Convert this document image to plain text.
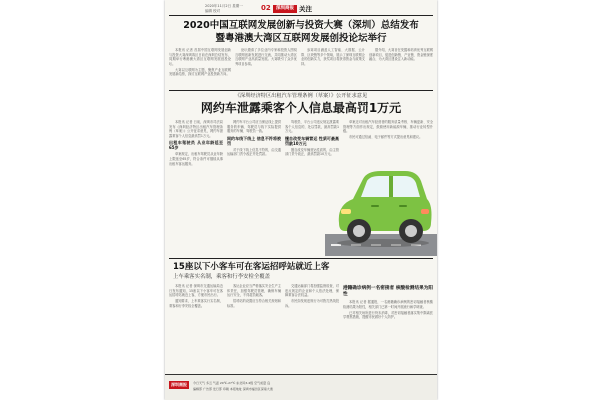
2020年11月2日 星期一
编辑 校对	02	深圳商报 关注
2020中国互联网发展创新与投资大赛（深圳）总结发布
暨粤港澳大湾区互联网发展创投论坛举行

本报讯 记者 首届中国互联网发展创新与投资大赛深圳赛区日前在深圳总结发布，同期举行粤港澳大湾区互联网发展创投论坛。

大赛以互联网为主题，聚焦产业互联网发展新趋势，探讨互联网产业投资新方向。

论坛邀请了多位业内专家和投资人围绕互联网创新发展进行交流，共同推动大湾区互联网产业高质量发展。大赛吸引了众多优秀项目参赛。

参赛项目涵盖人工智能、大数据、云计算、区块链等多个领域，展示了深圳互联网企业的创新实力，获奖项目将获得资金与政策支持。

据介绍，大赛旨在发掘和培育优秀互联网创新项目，促进创新链、产业链、资金链深度融合，为大湾区建设注入新动能。

《深圳经济特区出租汽车管理条例（草案）》公开征求意见
网约车泄露乘客个人信息最高罚1万元

本报讯 记者 日前，深圳市司法局发布《深圳经济特区出租汽车管理条例（草案）》公开征求意见，网约车泄露乘客个人信息最高罚1万元。

出租车驾驶员 从业年龄延至65岁

草案规定，出租车驾驶员从业年龄上限延至65岁，符合条件可继续从事出租车客运服务。

网约车平台公司应当保证线上提供服务的车辆、驾驶员与线下实际提供服务的车辆、驾驶员一致。

网约车线下线上 信息不符将被罚

对于线下线上信息不符的，由交通运输部门责令改正并处罚款。

驾驶员、平台公司违反规定泄露乘客个人信息的，处以罚款，最高罚款1万元。

擅自改变车辆营运 性质可最高罚款10万元

擅自改变车辆营运性质的，由主管部门责令改正，最高罚款10万元。

草案还对出租汽车经营者的服务质量考核、车辆更新、安全管理等方面作出规定，鼓励使用新能源车辆，推动行业转型升级。

市民可通过信函、电子邮件等方式提出意见和建议。

15座以下小客车可在客运招呼站就近上客
上车乘客实名制，乘客和行李安检全覆盖

本报讯 记者 深圳市交通运输局近日发布通知，15座以下小客车可在客运招呼站就近上客，方便市民出行。

通知要求，上车乘客实行实名制，乘客和行李安检全覆盖。

客运企业应当严格落实安全生产主体责任，加强驾驶员管理，确保车辆运行安全，不得超员载客。

招呼站的设置应当符合相关规划和标准。

交通运输部门将加强监督检查，对违反规定的企业和个人依法处理，保障乘客合法权益。

市民如发现违规行为可拨打热线投诉。

港籍确诊病例一名密接者 核酸检测结果为阳性

本报讯 记者 据通报，一名港籍确诊病例的密切接触者核酸检测结果为阳性，相关部门已第一时间开展流行病学调查。

已对相关场所进行终末消毒，对密切接触者落实集中隔离医学观察措施，提醒市民做好个人防护。

深圳商报	今日天气 多云 气温 20℃-27℃ 东北风3-4级 空气质量 良
编辑部 广告部 发行部 印刷 本报地址 深圳市福田区深南大道
